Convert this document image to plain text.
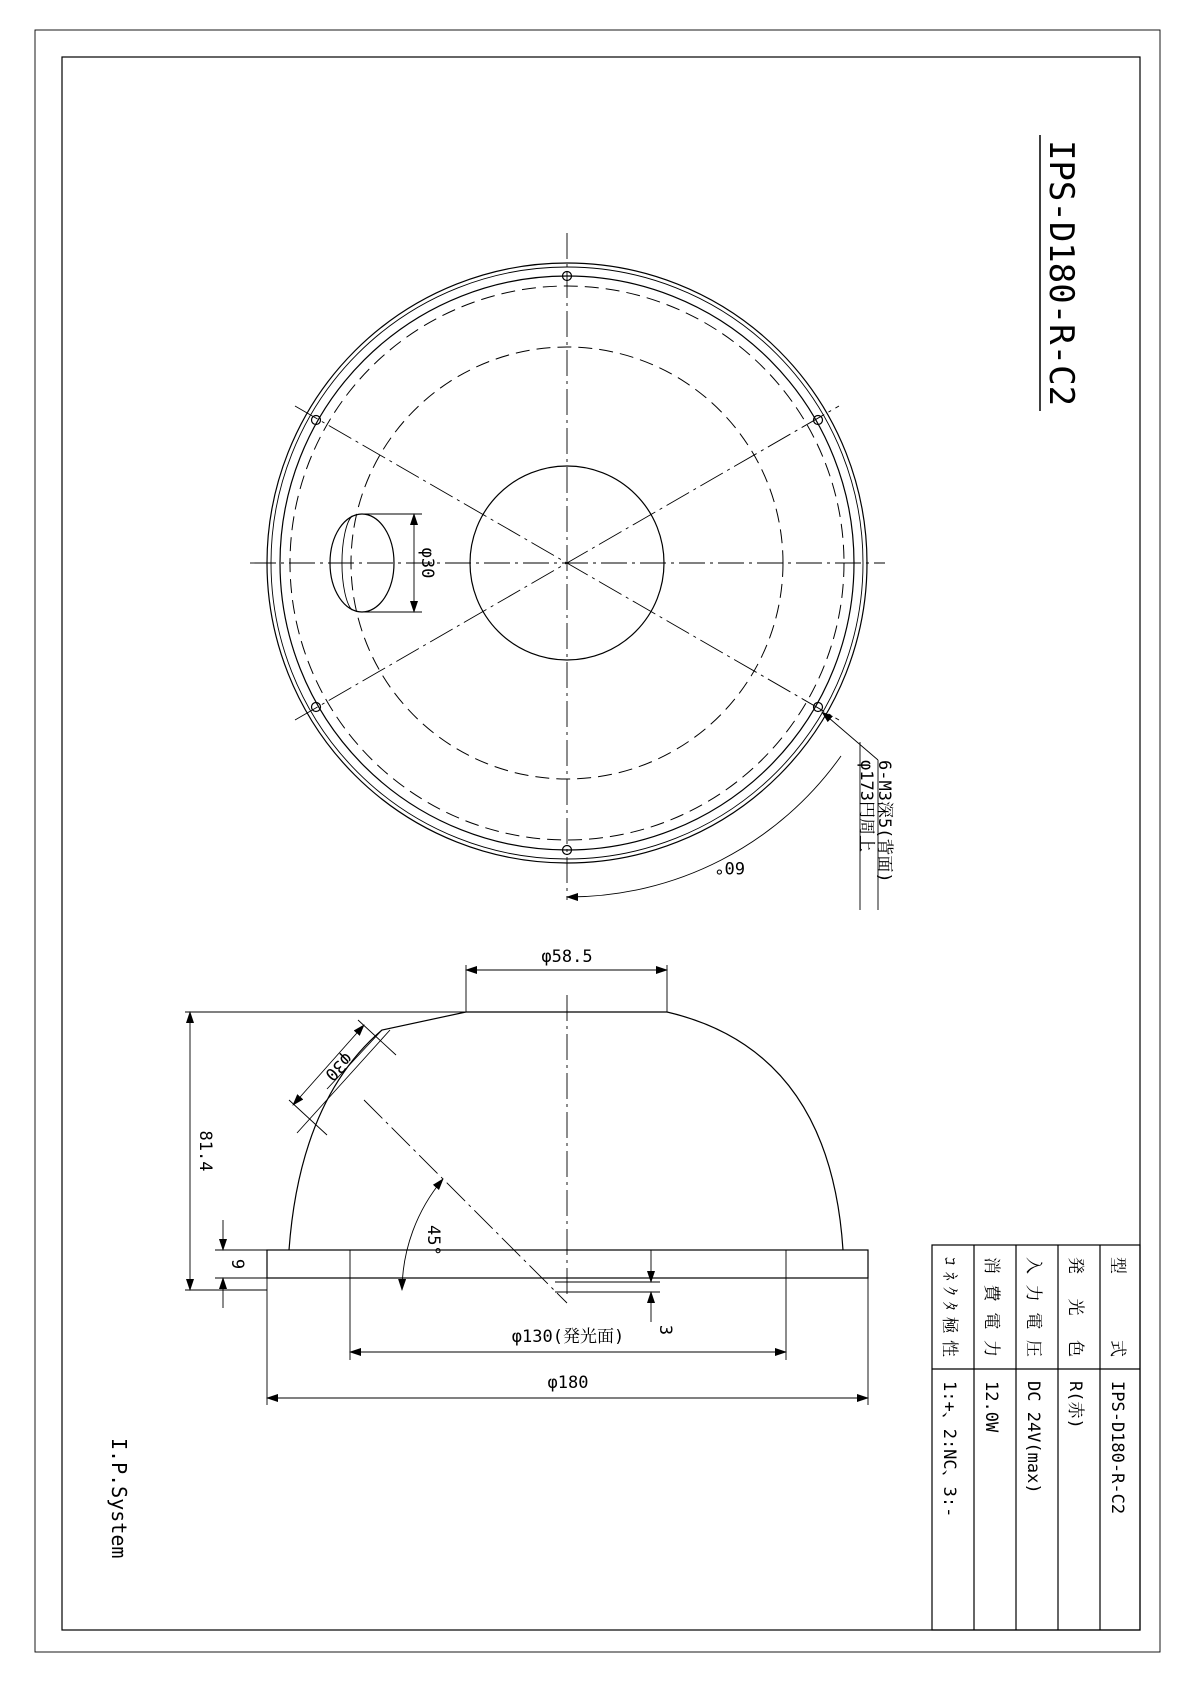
IPS-D180-R-C2
φ30
6-M3深5(背面)
φ173円周上
60°
φ58.5
φ30
81.4
9
45°
3
φ130(発光面)
φ180
I.P.System
型 式
IPS-D180-R-C2
発 光 色
R(赤)
入力電圧
DC 24V(max)
消費電力
12.0W
ｺﾈｸﾀ極性
1:+、2:NC、3:-
